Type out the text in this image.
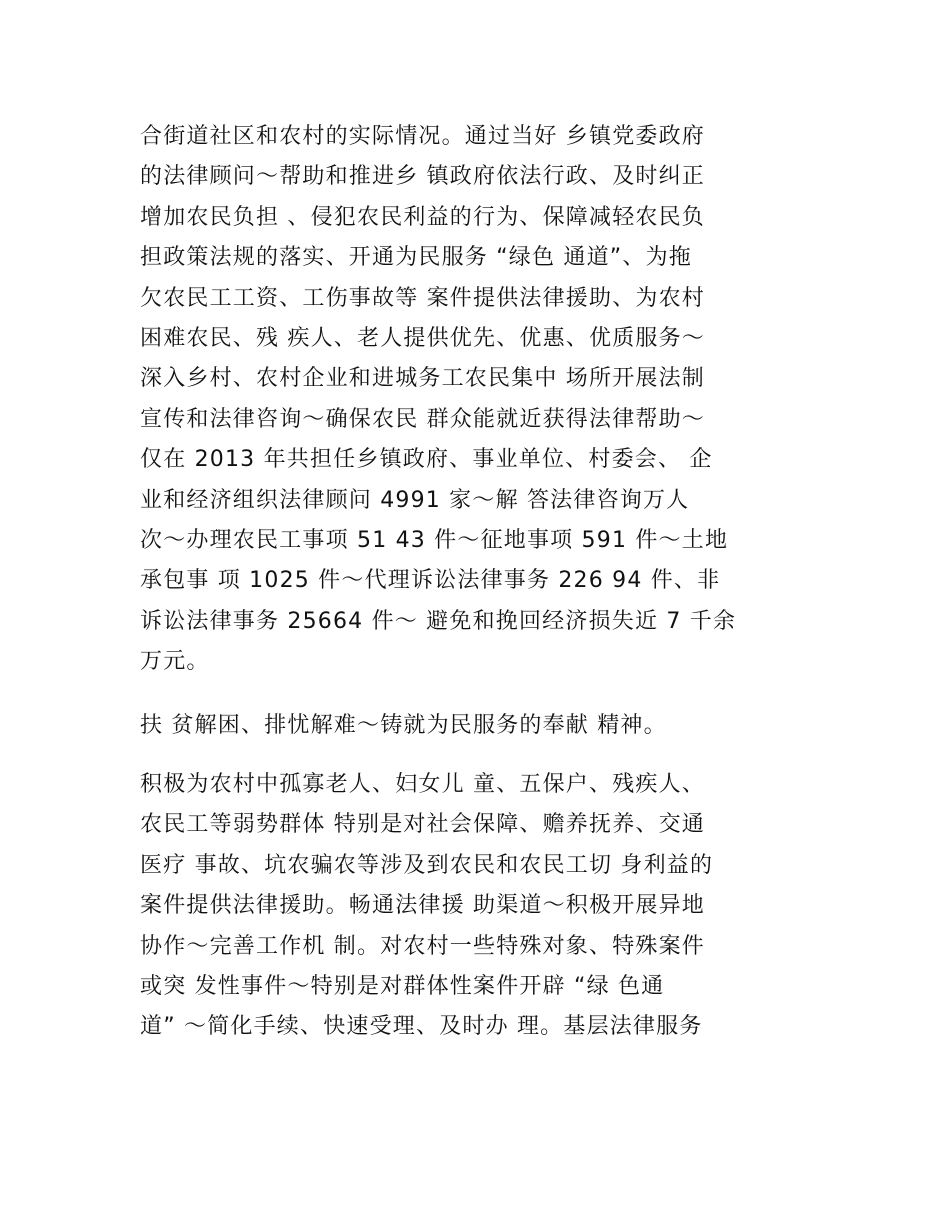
合街道社区和农村的实际情况。通过当好 乡镇党委政府
的法律顾问～帮助和推进乡 镇政府依法行政、及时纠正
增加农民负担 、侵犯农民利益的行为、保障减轻农民负
担政策法规的落实、开通为民服务 “绿色 通道”、为拖
欠农民工工资、工伤事故等 案件提供法律援助、为农村
困难农民、残 疾人、老人提供优先、优惠、优质服务～
深入乡村、农村企业和进城务工农民集中 场所开展法制
宣传和法律咨询～确保农民 群众能就近获得法律帮助～
仅在 2013 年共担任乡镇政府、事业单位、村委会、 企
业和经济组织法律顾问 4991 家～解 答法律咨询万人
次～办理农民工事项 51 43 件～征地事项 591 件～土地
承包事 项 1025 件～代理诉讼法律事务 226 94 件、非
诉讼法律事务 25664 件～ 避免和挽回经济损失近 7 千余
万元。
扶 贫解困、排忧解难～铸就为民服务的奉献 精神。
积极为农村中孤寡老人、妇女儿 童、五保户、残疾人、
农民工等弱势群体 特别是对社会保障、赡养抚养、交通
医疗 事故、坑农骗农等涉及到农民和农民工切 身利益的
案件提供法律援助。畅通法律援 助渠道～积极开展异地
协作～完善工作机 制。对农村一些特殊对象、特殊案件
或突 发性事件～特别是对群体性案件开辟 “绿 色通
道” ～简化手续、快速受理、及时办 理。基层法律服务
